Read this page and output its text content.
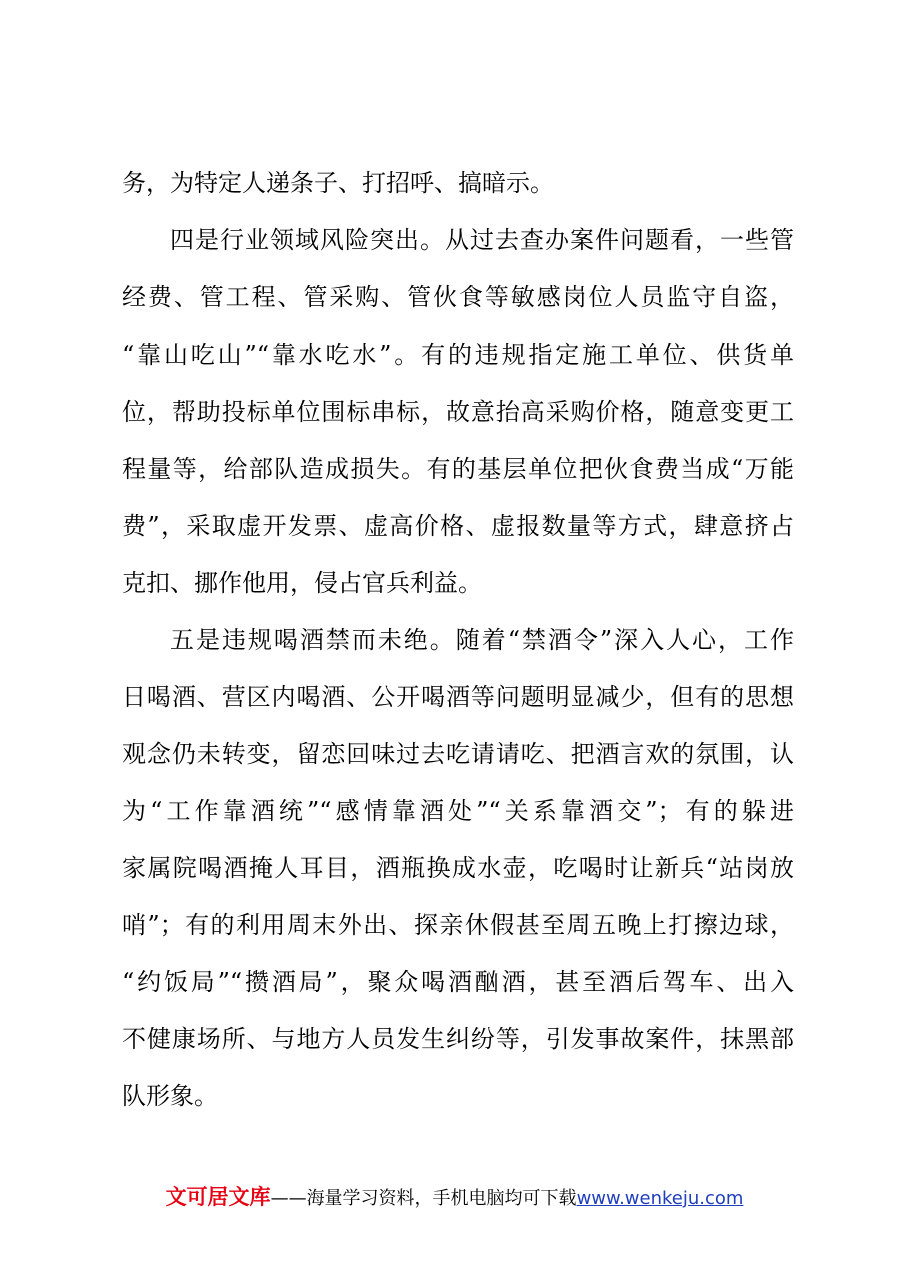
务，为特定人递条子、打招呼、搞暗示。
四是行业领域风险突出。从过去查办案件问题看，一些管
经费、管工程、管采购、管伙食等敏感岗位人员监守自盗，
“靠山吃山”“靠水吃水”。有的违规指定施工单位、供货单
位，帮助投标单位围标串标，故意抬高采购价格，随意变更工
程量等，给部队造成损失。有的基层单位把伙食费当成“万能
费”，采取虚开发票、虚高价格、虚报数量等方式，肆意挤占
克扣、挪作他用，侵占官兵利益。
五是违规喝酒禁而未绝。随着“禁酒令”深入人心，工作
日喝酒、营区内喝酒、公开喝酒等问题明显减少，但有的思想
观念仍未转变，留恋回味过去吃请请吃、把酒言欢的氛围，认
为“工作靠酒统”“感情靠酒处”“关系靠酒交”；有的躲进
家属院喝酒掩人耳目，酒瓶换成水壶，吃喝时让新兵“站岗放
哨”；有的利用周末外出、探亲休假甚至周五晚上打擦边球，
“约饭局”“攒酒局”，聚众喝酒酗酒，甚至酒后驾车、出入
不健康场所、与地方人员发生纠纷等，引发事故案件，抹黑部
队形象。
文可居文库——海量学习资料，手机电脑均可下载www.wenkeju.com
